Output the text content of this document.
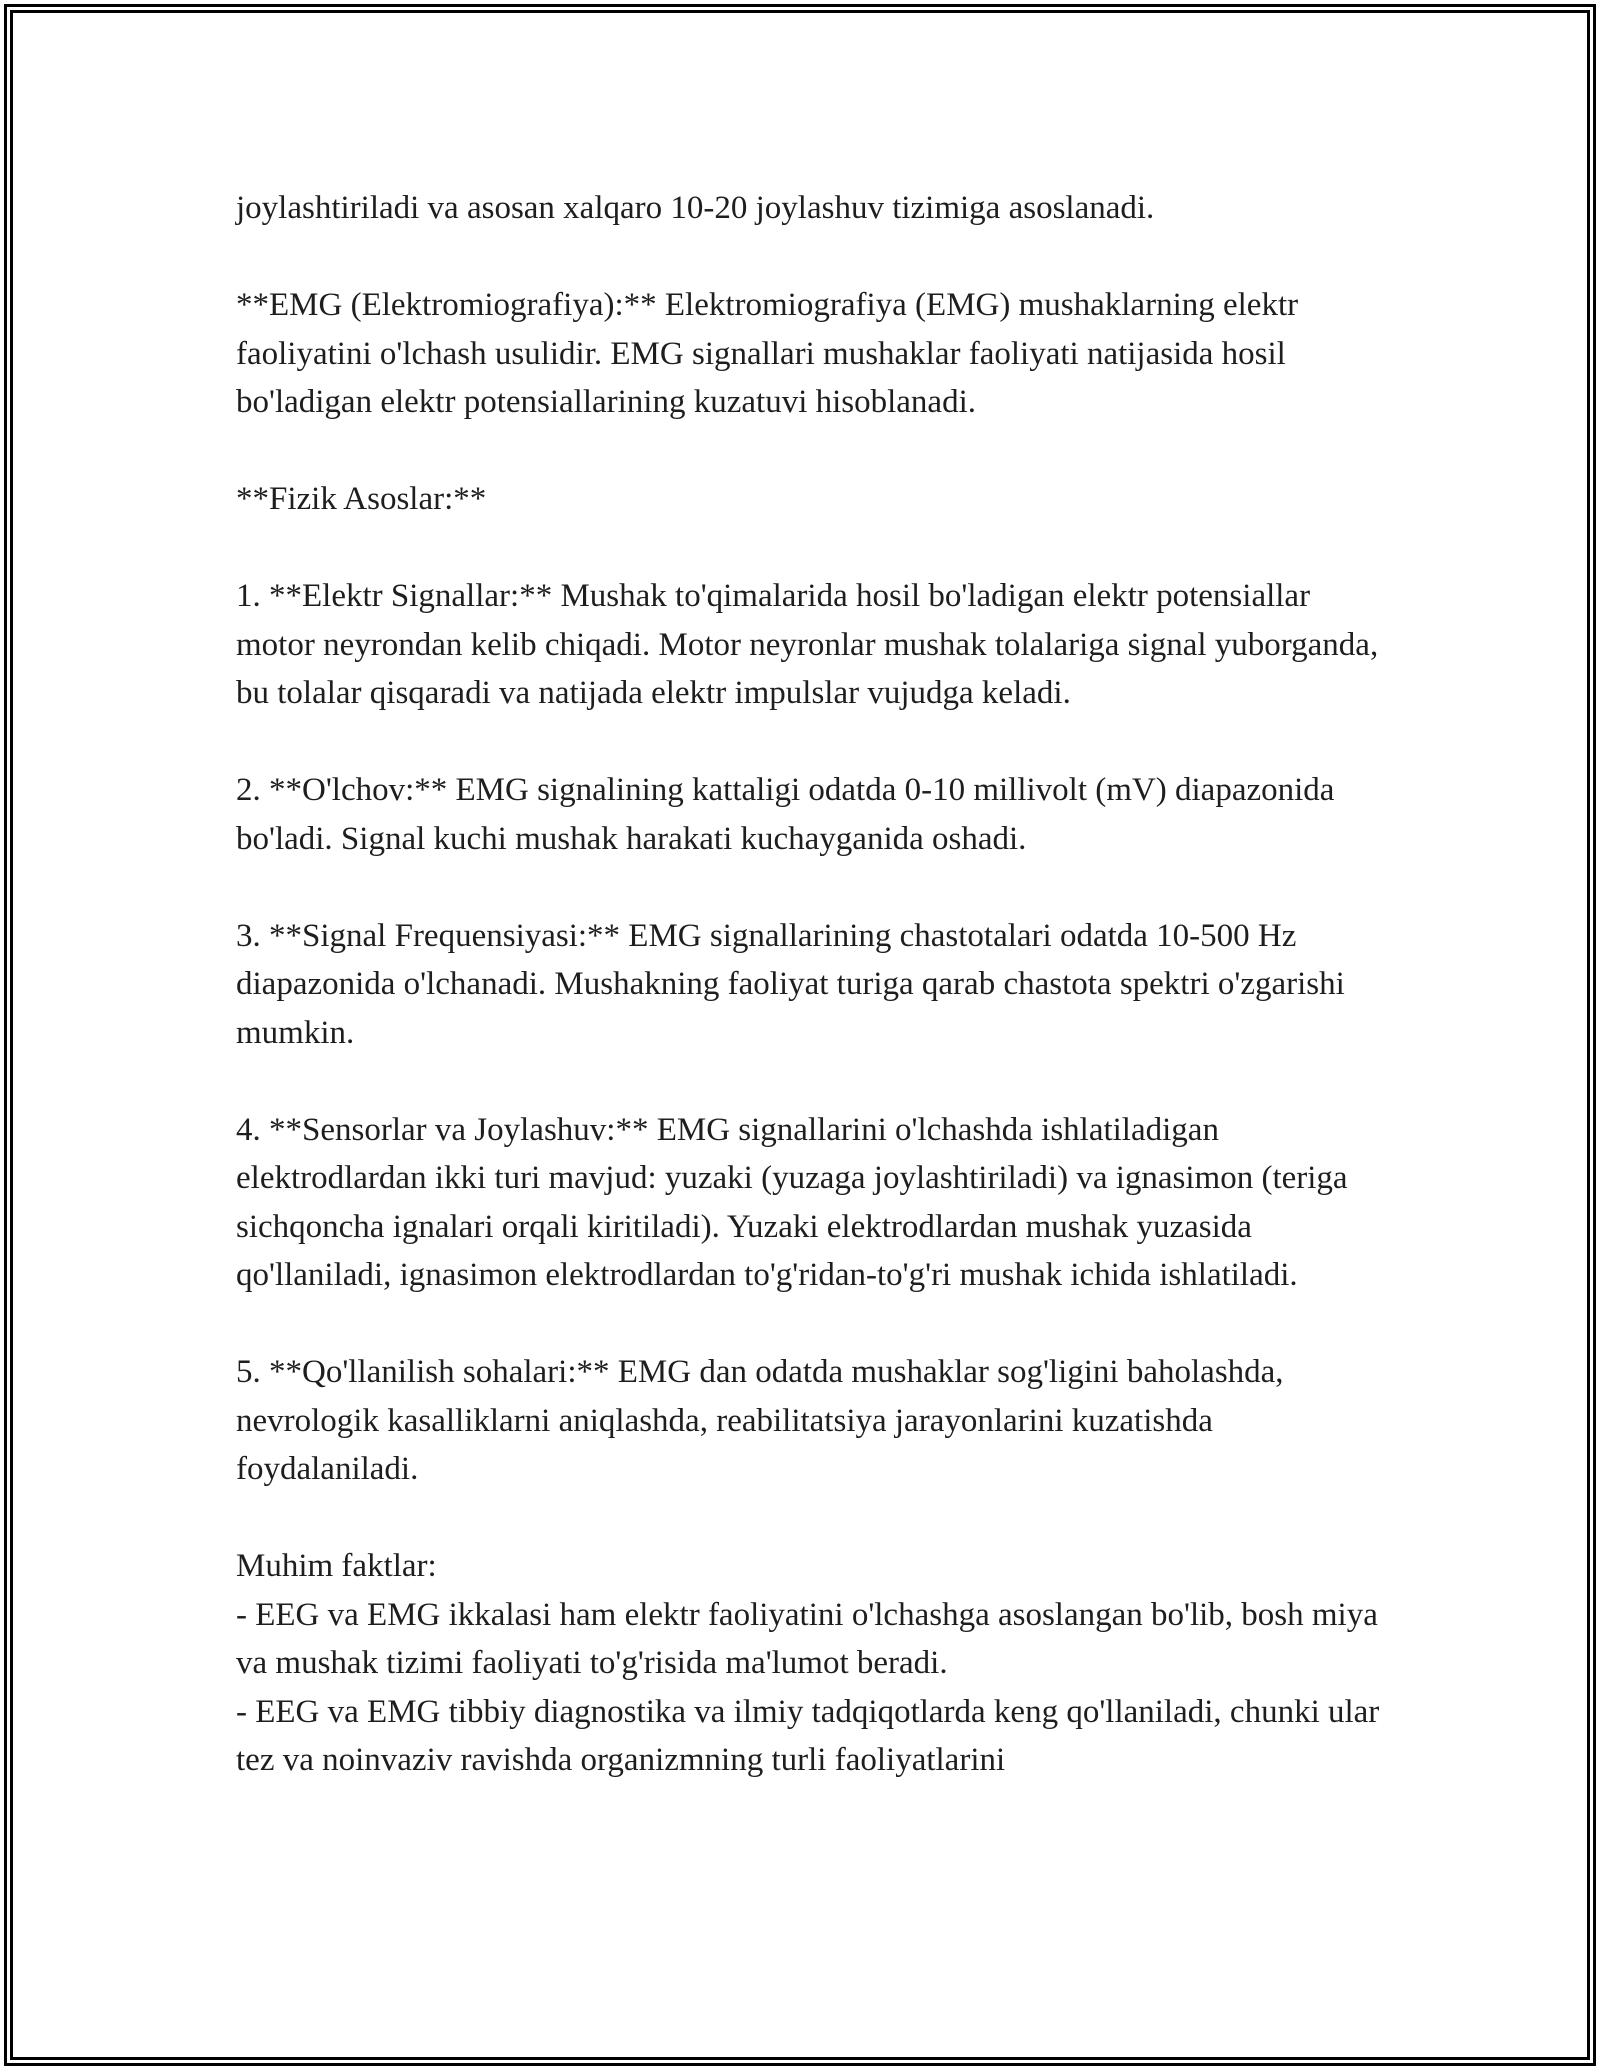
joylashtiriladi va asosan xalqaro 10-20 joylashuv tizimiga asoslanadi.

**EMG (Elektromiografiya):** Elektromiografiya (EMG) mushaklarning elektr faoliyatini o'lchash usulidir. EMG signallari mushaklar faoliyati natijasida hosil bo'ladigan elektr potensiallarining kuzatuvi hisoblanadi.

**Fizik Asoslar:**

1. **Elektr Signallar:** Mushak to'qimalarida hosil bo'ladigan elektr potensiallar motor neyrondan kelib chiqadi. Motor neyronlar mushak tolalariga signal yuborganda, bu tolalar qisqaradi va natijada elektr impulslar vujudga keladi.

2. **O'lchov:** EMG signalining kattaligi odatda 0-10 millivolt (mV) diapazonida bo'ladi. Signal kuchi mushak harakati kuchayganida oshadi.

3. **Signal Frequensiyasi:** EMG signallarining chastotalari odatda 10-500 Hz diapazonida o'lchanadi. Mushakning faoliyat turiga qarab chastota spektri o'zgarishi mumkin.

4. **Sensorlar va Joylashuv:** EMG signallarini o'lchashda ishlatiladigan elektrodlardan ikki turi mavjud: yuzaki (yuzaga joylashtiriladi) va ignasimon (teriga sichqoncha ignalari orqali kiritiladi). Yuzaki elektrodlardan mushak yuzasida qo'llaniladi, ignasimon elektrodlardan to'g'ridan-to'g'ri mushak ichida ishlatiladi.

5. **Qo'llanilish sohalari:** EMG dan odatda mushaklar sog'ligini baholashda, nevrologik kasalliklarni aniqlashda, reabilitatsiya jarayonlarini kuzatishda foydalaniladi.

Muhim faktlar:

- EEG va EMG ikkalasi ham elektr faoliyatini o'lchashga asoslangan bo'lib, bosh miya va mushak tizimi faoliyati to'g'risida ma'lumot beradi.

- EEG va EMG tibbiy diagnostika va ilmiy tadqiqotlarda keng qo'llaniladi, chunki ular tez va noinvaziv ravishda organizmning turli faoliyatlarini
